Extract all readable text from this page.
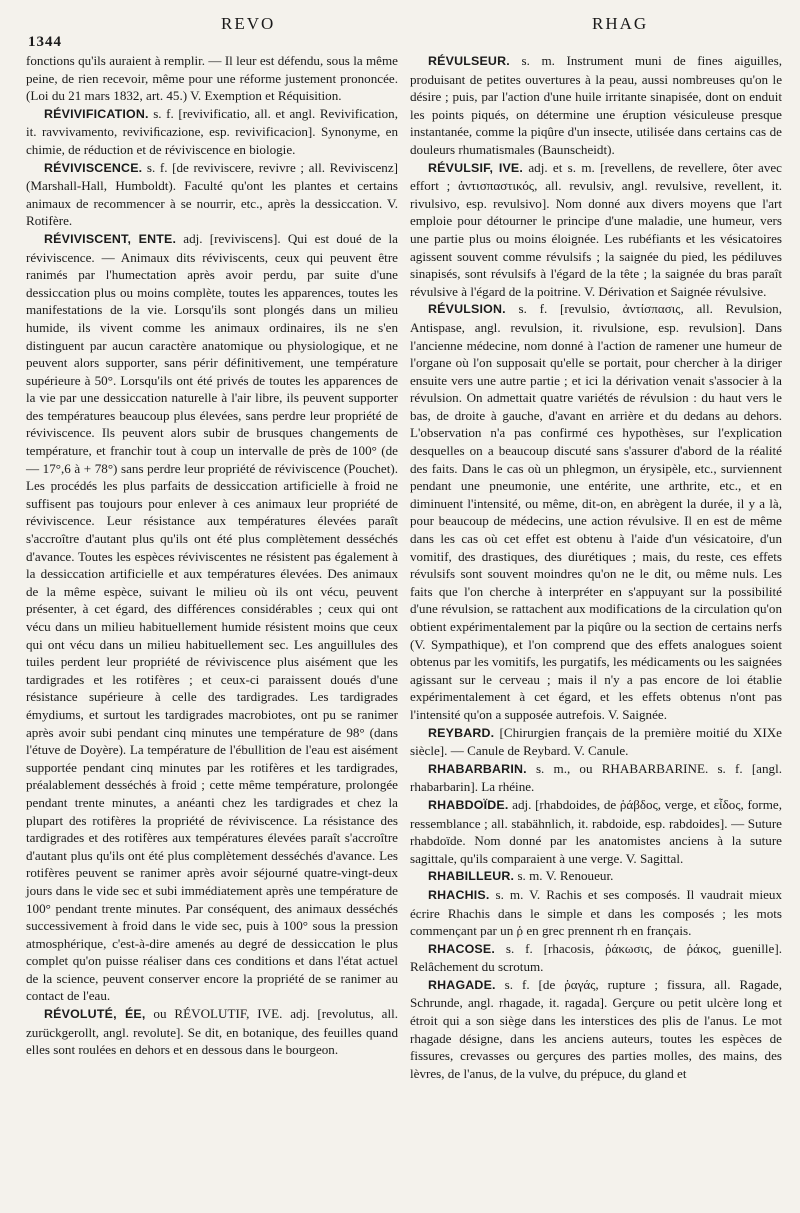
1344
REVO	RHAG

fonctions qu'ils auraient à remplir. — Il leur est défendu, sous la même peine, de rien recevoir, même pour une réforme justement prononcée. (Loi du 21 mars 1832, art. 45.) V. Exemption et Réquisition.

RÉVIVIFICATION. s. f. [revivificatio, all. et angl. Revivification, it. ravvivamento, reviviﬁcazione, esp. revivificacion]. Synonyme, en chimie, de réduction et de réviviscence en biologie.

RÉVIVISCENCE. s. f. [de reviviscere, revivre ; all. Reviviscenz] (Marshall-Hall, Humboldt). Faculté qu'ont les plantes et certains animaux de recommencer à se nourrir, etc., après la dessiccation. V. Rotifère.

RÉVIVISCENT, ENTE. adj. [reviviscens]. Qui est doué de la réviviscence. — Animaux dits réviviscents, ceux qui peuvent être ranimés par l'humectation après avoir perdu, par suite d'une dessiccation plus ou moins complète, toutes les apparences, toutes les manifestations de la vie. Lorsqu'ils sont plongés dans un milieu humide, ils vivent comme les animaux ordinaires, ils ne s'en distinguent par aucun caractère anatomique ou physiologique, et ne peuvent alors supporter, sans périr définitivement, une température supérieure à 50°. Lorsqu'ils ont été privés de toutes les apparences de la vie par une dessiccation naturelle à l'air libre, ils peuvent supporter des températures beaucoup plus élevées, sans perdre leur propriété de réviviscence. Ils peuvent alors subir de brusques changements de température, et franchir tout à coup un intervalle de près de 100° (de — 17°,6 à + 78°) sans perdre leur propriété de réviviscence (Pouchet). Les procédés les plus parfaits de dessiccation artificielle à froid ne suffisent pas toujours pour enlever à ces animaux leur propriété de réviviscence. Leur résistance aux températures élevées paraît s'accroître d'autant plus qu'ils ont été plus complètement desséchés d'avance. Toutes les espèces réviviscentes ne résistent pas également à la dessiccation artificielle et aux températures élevées. Des animaux de la même espèce, suivant le milieu où ils ont vécu, peuvent présenter, à cet égard, des différences considérables ; ceux qui ont vécu dans un milieu habituellement humide résistent moins que ceux qui ont vécu dans un milieu habituellement sec. Les anguillules des tuiles perdent leur propriété de réviviscence plus aisément que les tardigrades et les rotifères ; et ceux-ci paraissent doués d'une résistance supérieure à celle des tardigrades. Les tardigrades émydiums, et surtout les tardigrades macrobiotes, ont pu se ranimer après avoir subi pendant cinq minutes une température de 98° (dans l'étuve de Doyère). La température de l'ébullition de l'eau est aisément supportée pendant cinq minutes par les rotifères et les tardigrades, préalablement desséchés à froid ; cette même température, prolongée pendant trente minutes, a anéanti chez les tardigrades et chez la plupart des rotifères la propriété de réviviscence. La résistance des tardigrades et des rotifères aux températures élevées paraît s'accroître d'autant plus qu'ils ont été plus complètement desséchés d'avance. Les rotifères peuvent se ranimer après avoir séjourné quatre-vingt-deux jours dans le vide sec et subi immédiatement après une température de 100° pendant trente minutes. Par conséquent, des animaux desséchés successivement à froid dans le vide sec, puis à 100° sous la pression atmosphérique, c'est-à-dire amenés au degré de dessiccation le plus complet qu'on puisse réaliser dans ces conditions et dans l'état actuel de la science, peuvent conserver encore la propriété de se ranimer au contact de l'eau.

RÉVOLUTÉ, ÉE, ou RÉVOLUTIF, IVE. adj. [revolutus, all. zurückgerollt, angl. revolute]. Se dit, en botanique, des feuilles quand elles sont roulées en dehors et en dessous dans le bourgeon.

RÉVULSEUR. s. m. Instrument muni de fines aiguilles, produisant de petites ouvertures à la peau, aussi nombreuses qu'on le désire ; puis, par l'action d'une huile irritante sinapisée, dont on enduit les points piqués, on détermine une éruption vésiculeuse presque instantanée, comme la piqûre d'un insecte, utilisée dans certains cas de douleurs rhumatismales (Baunscheidt).

RÉVULSIF, IVE. adj. et s. m. [revellens, de revellere, ôter avec effort ; ἀντισπαστικός, all. revulsiv, angl. revulsive, revellent, it. rivulsivo, esp. revulsivo]. Nom donné aux divers moyens que l'art emploie pour détourner le principe d'une maladie, une humeur, vers une partie plus ou moins éloignée. Les rubéfiants et les vésicatoires agissent souvent comme révulsifs ; la saignée du pied, les pédiluves sinapisés, sont révulsifs à l'égard de la tête ; la saignée du bras paraît révulsive à l'égard de la poitrine. V. Dérivation et Saignée révulsive.

RÉVULSION. s. f. [revulsio, ἀντίσπασις, all. Revulsion, Antispase, angl. revulsion, it. rivulsione, esp. revulsion]. Dans l'ancienne médecine, nom donné à l'action de ramener une humeur de l'organe où l'on supposait qu'elle se portait, pour chercher à la diriger ensuite vers une autre partie ; et ici la dérivation venait s'associer à la révulsion. On admettait quatre variétés de révulsion : du haut vers le bas, de droite à gauche, d'avant en arrière et du dedans au dehors. L'observation n'a pas confirmé ces hypothèses, sur l'explication desquelles on a beaucoup discuté sans s'assurer d'abord de la réalité des faits. Dans le cas où un phlegmon, un érysipèle, etc., surviennent pendant une pneumonie, une entérite, une arthrite, etc., et en diminuent l'intensité, ou même, dit-on, en abrègent la durée, il y a là, pour beaucoup de médecins, une action révulsive. Il en est de même dans les cas où cet effet est obtenu à l'aide d'un vésicatoire, d'un vomitif, des drastiques, des diurétiques ; mais, du reste, ces effets révulsifs sont souvent moindres qu'on ne le dit, ou même nuls. Les faits que l'on cherche à interpréter en s'appuyant sur la possibilité d'une révulsion, se rattachent aux modifications de la circulation qu'on obtient expérimentalement par la piqûre ou la section de certains nerfs (V. Sympathique), et l'on comprend que des effets analogues soient obtenus par les vomitifs, les purgatifs, les médicaments ou les saignées agissant sur le cerveau ; mais il n'y a pas encore de loi établie expérimentalement à cet égard, et les effets obtenus n'ont pas l'intensité qu'on a supposée autrefois. V. Saignée.

REYBARD. [Chirurgien français de la première moitié du XIXe siècle]. — Canule de Reybard. V. Canule.

RHABARBARIN. s. m., ou RHABARBARINE. s. f. [angl. rhabarbarin]. La rhéine.

RHABDOÏDE. adj. [rhabdoides, de ῥάβδος, verge, et εἶδος, forme, ressemblance ; all. stabähnlich, it. rabdoide, esp. rabdoides]. — Suture rhabdoïde. Nom donné par les anatomistes anciens à la suture sagittale, qu'ils comparaient à une verge. V. Sagittal.

RHABILLEUR. s. m. V. Renoueur.

RHACHIS. s. m. V. Rachis et ses composés. Il vaudrait mieux écrire Rhachis dans le simple et dans les composés ; les mots commençant par un ῥ en grec prennent rh en français.

RHACOSE. s. f. [rhacosis, ῥάκωσις, de ῥάκος, guenille]. Relâchement du scrotum.

RHAGADE. s. f. [de ῥαγάς, rupture ; fissura, all. Ragade, Schrunde, angl. rhagade, it. ragada]. Gerçure ou petit ulcère long et étroit qui a son siège dans les interstices des plis de l'anus. Le mot rhagade désigne, dans les anciens auteurs, toutes les espèces de fissures, crevasses ou gerçures des parties molles, des mains, des lèvres, de l'anus, de la vulve, du prépuce, du gland et
